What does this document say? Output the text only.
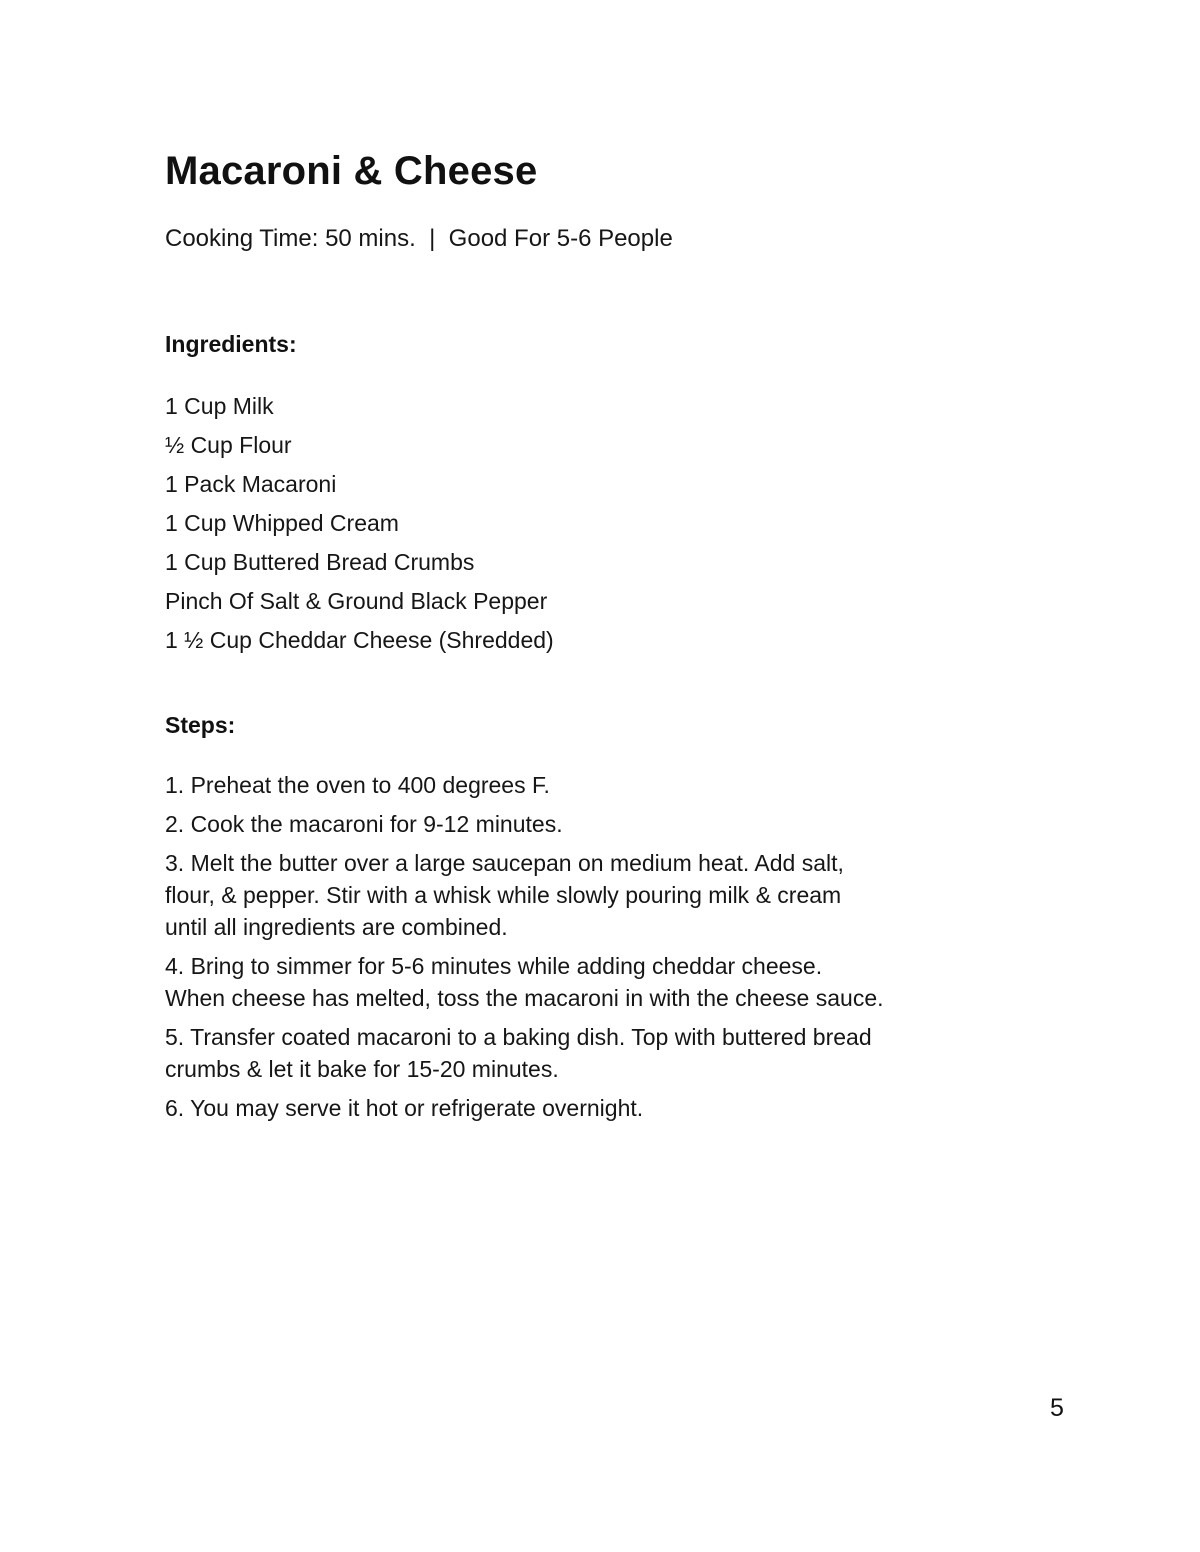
Macaroni & Cheese

Cooking Time: 50 mins.  |  Good For 5-6 People

Ingredients:

1 Cup Milk

½ Cup Flour

1 Pack Macaroni

1 Cup Whipped Cream

1 Cup Buttered Bread Crumbs

Pinch Of Salt & Ground Black Pepper

1 ½ Cup Cheddar Cheese (Shredded)

Steps:

1. Preheat the oven to 400 degrees F.

2. Cook the macaroni for 9-12 minutes.

3. Melt the butter over a large saucepan on medium heat. Add salt, flour, & pepper. Stir with a whisk while slowly pouring milk & cream until all ingredients are combined.

4. Bring to simmer for 5-6 minutes while adding cheddar cheese. When cheese has melted, toss the macaroni in with the cheese sauce.

5. Transfer coated macaroni to a baking dish. Top with buttered bread crumbs & let it bake for 15-20 minutes.

6. You may serve it hot or refrigerate overnight.

5
